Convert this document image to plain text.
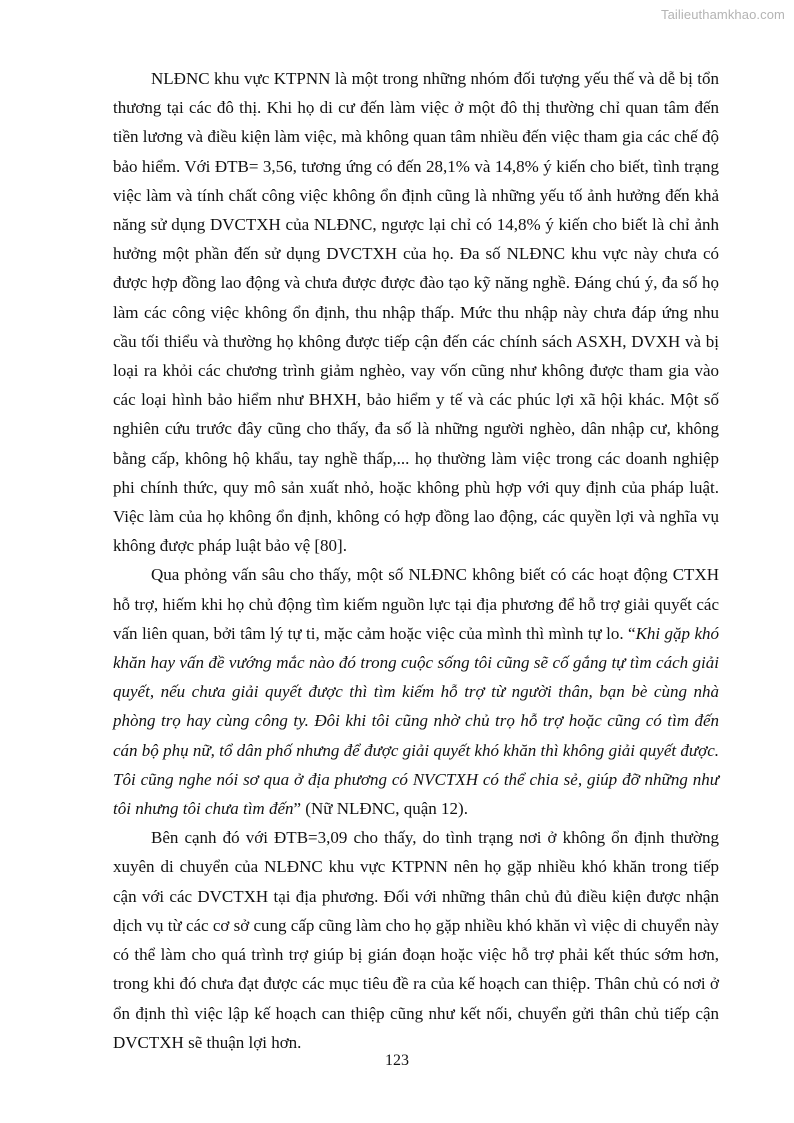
Tailieuthamkhao.com

NLĐNC khu vực KTPNN là một trong những nhóm đối tượng yếu thế và dễ bị tổn thương tại các đô thị. Khi họ di cư đến làm việc ở một đô thị thường chỉ quan tâm đến tiền lương và điều kiện làm việc, mà không quan tâm nhiều đến việc tham gia các chế độ bảo hiểm. Với ĐTB= 3,56, tương ứng có đến 28,1% và 14,8% ý kiến cho biết, tình trạng việc làm và tính chất công việc không ổn định cũng là những yếu tố ảnh hưởng đến khả năng sử dụng DVCTXH của NLĐNC, ngược lại chỉ có 14,8% ý kiến cho biết là chỉ ảnh hưởng một phần đến sử dụng DVCTXH của họ. Đa số NLĐNC khu vực này chưa có được hợp đồng lao động và chưa được được đào tạo kỹ năng nghề. Đáng chú ý, đa số họ làm các công việc không ổn định, thu nhập thấp. Mức thu nhập này chưa đáp ứng nhu cầu tối thiểu và thường họ không được tiếp cận đến các chính sách ASXH, DVXH và bị loại ra khỏi các chương trình giảm nghèo, vay vốn cũng như không được tham gia vào các loại hình bảo hiểm như BHXH, bảo hiểm y tế và các phúc lợi xã hội khác. Một số nghiên cứu trước đây cũng cho thấy, đa số là những người nghèo, dân nhập cư, không bằng cấp, không hộ khẩu, tay nghề thấp,... họ thường làm việc trong các doanh nghiệp phi chính thức, quy mô sản xuất nhỏ, hoặc không phù hợp với quy định của pháp luật. Việc làm của họ không ổn định, không có hợp đồng lao động, các quyền lợi và nghĩa vụ không được pháp luật bảo vệ [80].

Qua phỏng vấn sâu cho thấy, một số NLĐNC không biết có các hoạt động CTXH hỗ trợ, hiếm khi họ chủ động tìm kiếm nguồn lực tại địa phương để hỗ trợ giải quyết các vấn liên quan, bởi tâm lý tự ti, mặc cảm hoặc việc của mình thì mình tự lo. “Khi gặp khó khăn hay vấn đề vướng mắc nào đó trong cuộc sống tôi cũng sẽ cố gắng tự tìm cách giải quyết, nếu chưa giải quyết được thì tìm kiếm hỗ trợ từ người thân, bạn bè cùng nhà phòng trọ hay cùng công ty. Đôi khi tôi cũng nhờ chủ trọ hỗ trợ hoặc cũng có tìm đến cán bộ phụ nữ, tổ dân phố nhưng để được giải quyết khó khăn thì không giải quyết được. Tôi cũng nghe nói sơ qua ở địa phương có NVCTXH có thể chia sẻ, giúp đỡ những như tôi nhưng tôi chưa tìm đến” (Nữ NLĐNC, quận 12).

Bên cạnh đó với ĐTB=3,09 cho thấy, do tình trạng nơi ở không ổn định thường xuyên di chuyển của NLĐNC khu vực KTPNN nên họ gặp nhiều khó khăn trong tiếp cận với các DVCTXH tại địa phương. Đối với những thân chủ đủ điều kiện được nhận dịch vụ từ các cơ sở cung cấp cũng làm cho họ gặp nhiều khó khăn vì việc di chuyển này có thể làm cho quá trình trợ giúp bị gián đoạn hoặc việc hỗ trợ phải kết thúc sớm hơn, trong khi đó chưa đạt được các mục tiêu đề ra của kế hoạch can thiệp. Thân chủ có nơi ở ổn định thì việc lập kế hoạch can thiệp cũng như kết nối, chuyển gửi thân chủ tiếp cận DVCTXH sẽ thuận lợi hơn.

123
